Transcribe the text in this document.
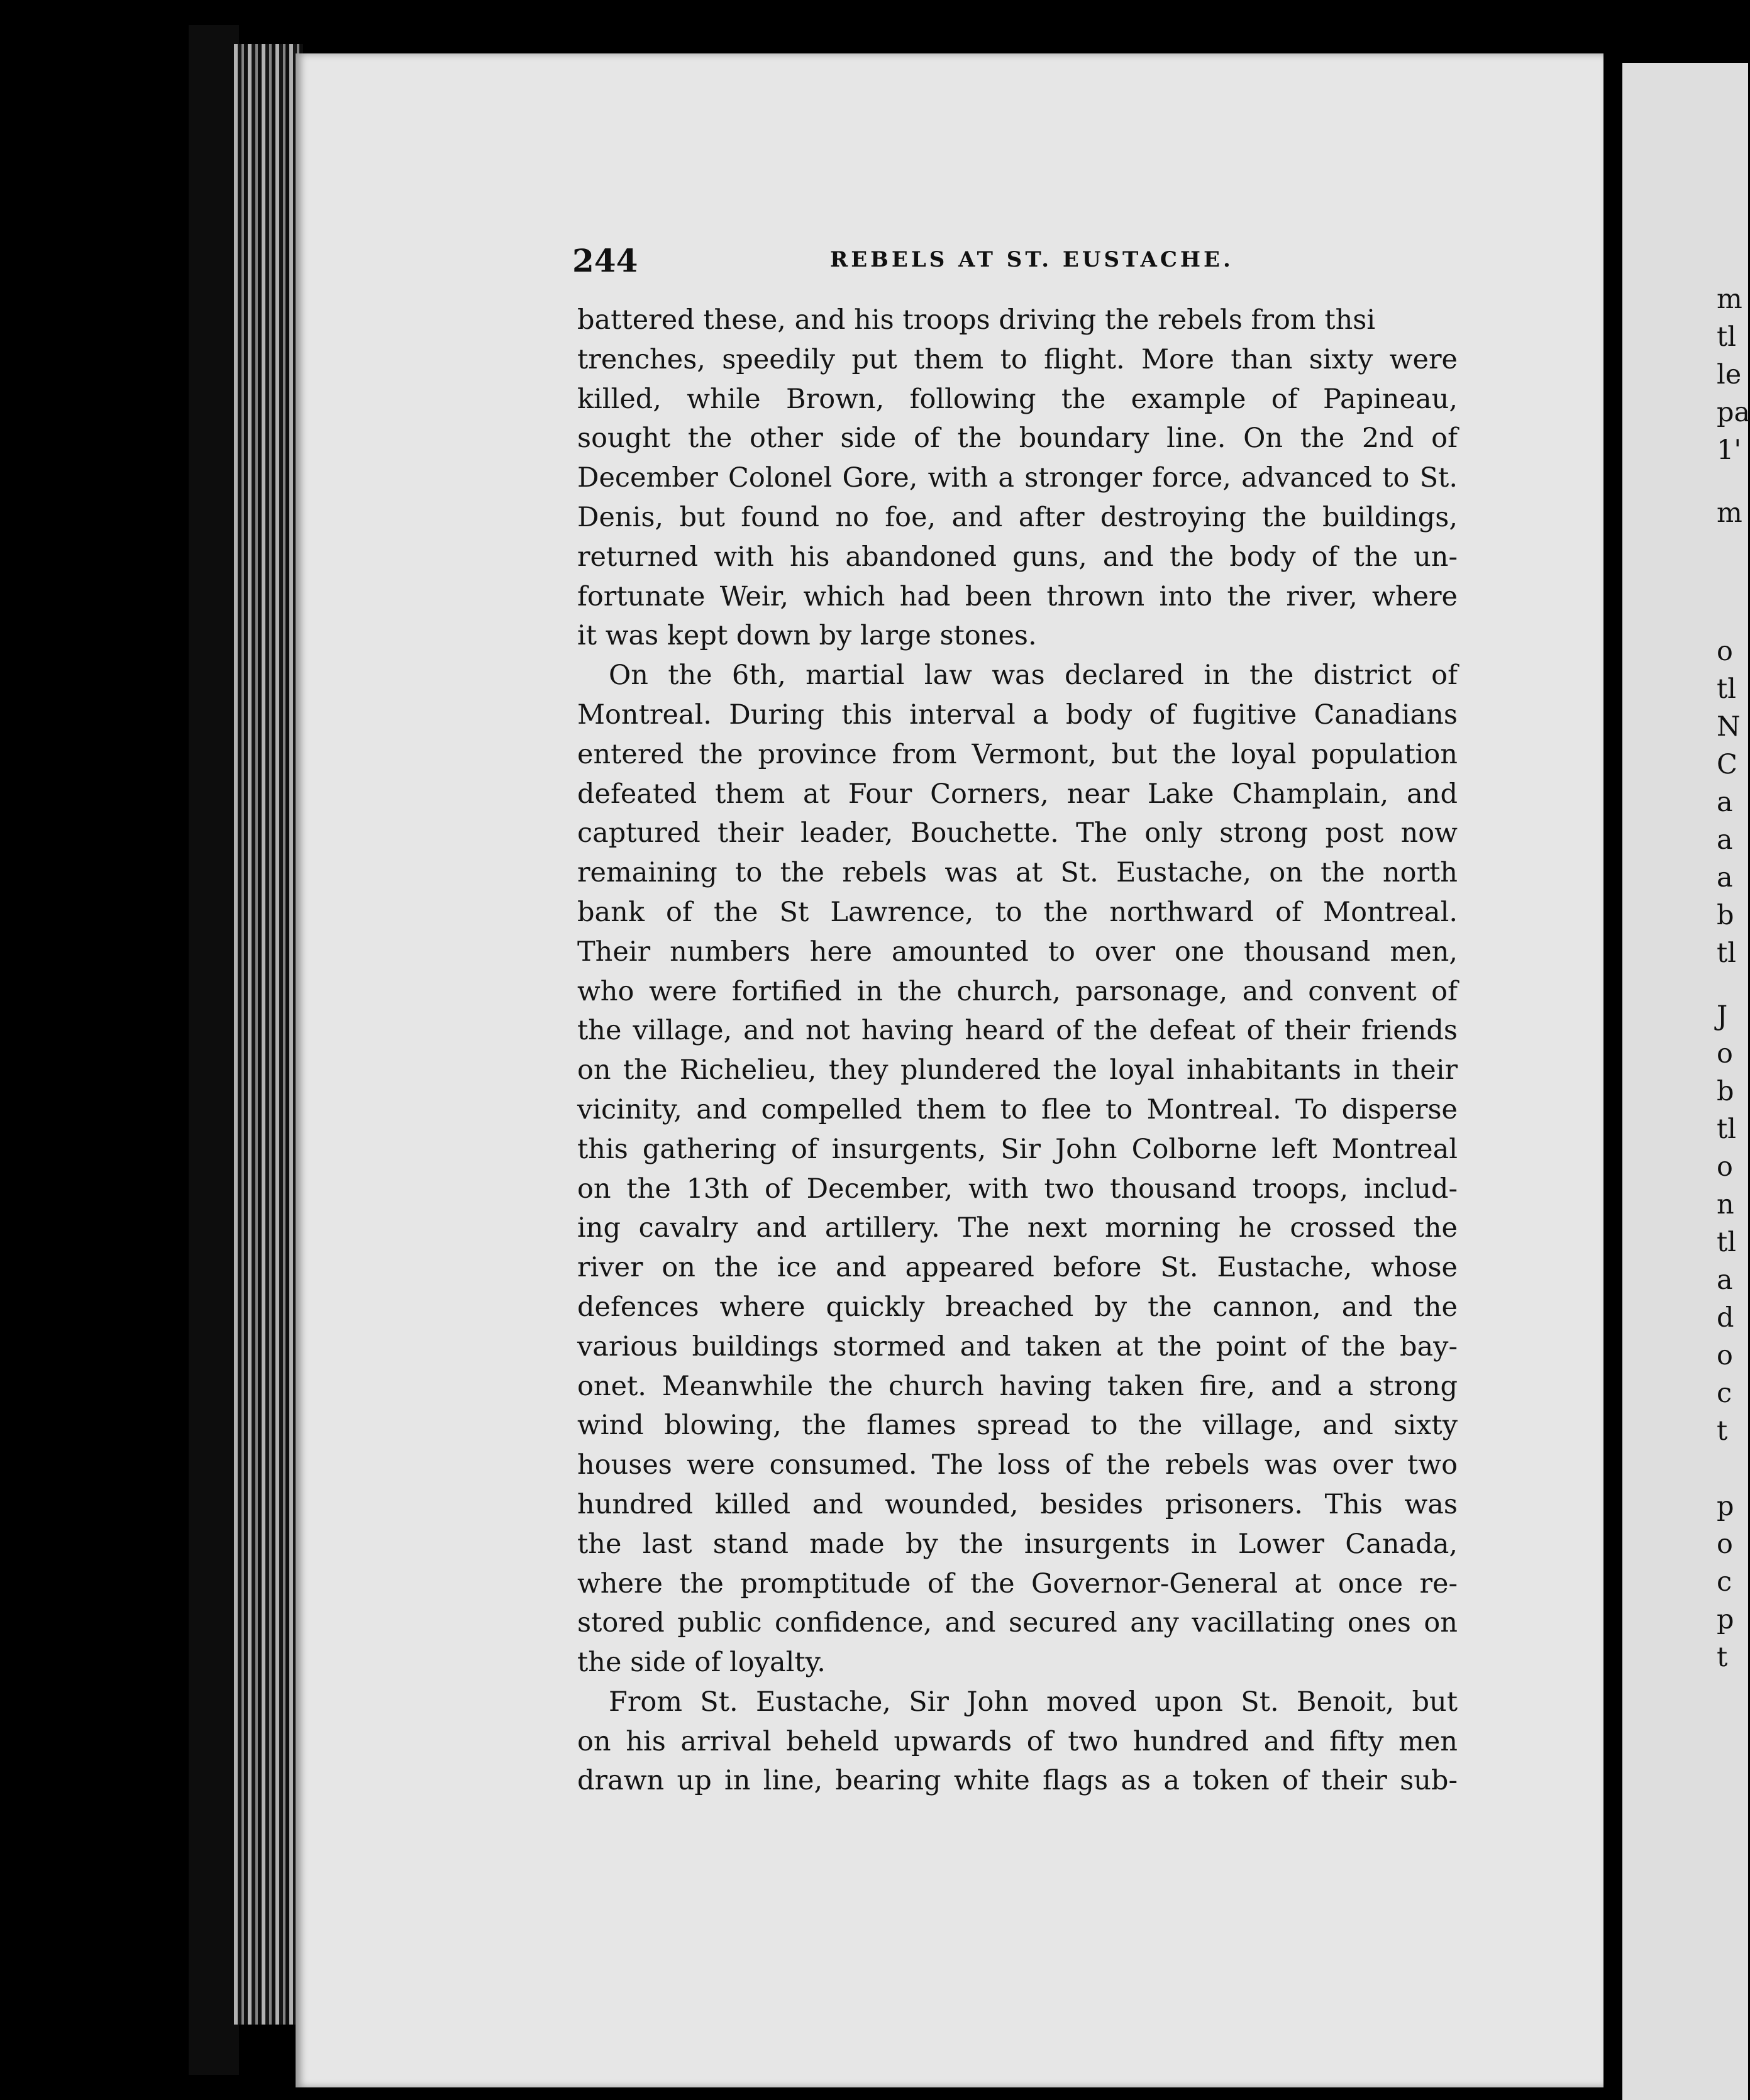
244	REBELS AT ST. EUSTACHE.
battered these, and his troops driving the rebels from thsi
trenches, speedily put them to flight. More than sixty were
killed, while Brown, following the example of Papineau,
sought the other side of the boundary line. On the 2nd of
December Colonel Gore, with a stronger force, advanced to St.
Denis, but found no foe, and after destroying the buildings,
returned with his abandoned guns, and the body of the un-
fortunate Weir, which had been thrown into the river, where
it was kept down by large stones.
On the 6th, martial law was declared in the district of
Montreal. During this interval a body of fugitive Canadians
entered the province from Vermont, but the loyal population
defeated them at Four Corners, near Lake Champlain, and
captured their leader, Bouchette. The only strong post now
remaining to the rebels was at St. Eustache, on the north
bank of the St Lawrence, to the northward of Montreal.
Their numbers here amounted to over one thousand men,
who were fortified in the church, parsonage, and convent of
the village, and not having heard of the defeat of their friends
on the Richelieu, they plundered the loyal inhabitants in their
vicinity, and compelled them to flee to Montreal. To disperse
this gathering of insurgents, Sir John Colborne left Montreal
on the 13th of December, with two thousand troops, includ-
ing cavalry and artillery. The next morning he crossed the
river on the ice and appeared before St. Eustache, whose
defences where quickly breached by the cannon, and the
various buildings stormed and taken at the point of the bay-
onet. Meanwhile the church having taken fire, and a strong
wind blowing, the flames spread to the village, and sixty
houses were consumed. The loss of the rebels was over two
hundred killed and wounded, besides prisoners. This was
the last stand made by the insurgents in Lower Canada,
where the promptitude of the Governor-General at once re-
stored public confidence, and secured any vacillating ones on
the side of loyalty.
From St. Eustache, Sir John moved upon St. Benoit, but
on his arrival beheld upwards of two hundred and fifty men
drawn up in line, bearing white flags as a token of their sub-
m
tl
le
pa
1'
m
o
tl
N
C
a
a
a
b
tl
J
o
b
tl
o
n
tl
a
d
o
c
t
p
o
c
p
t
